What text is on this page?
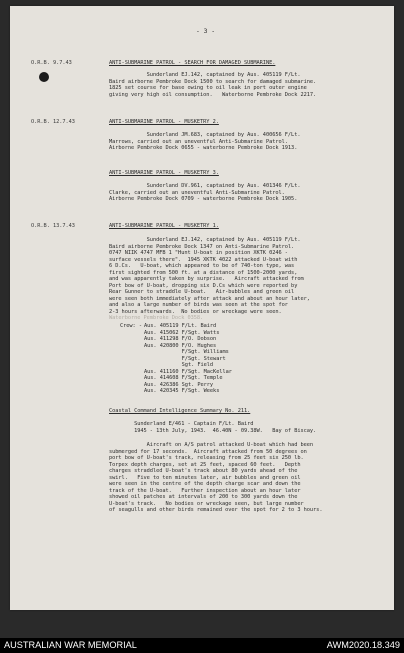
- 3 -
O.R.B. 9.7.43	ANTI-SUBMARINE PATROL - SEARCH FOR DAMAGED SUBMARINE.
Sunderland EJ.142, captained by Aus. 405119 F/Lt.
Baird airborne Pembroke Dock 1500 to search for damaged submarine.
1825 set course for base owing to oil leak in port outer engine
giving very high oil consumption.   Waterborne Pembroke Dock 2217.
O.R.B. 12.7.43	ANTI-SUBMARINE PATROL - MUSKETRY 2.
Sunderland JM.683, captained by Aus. 400656 F/Lt.
Marrows, carried out an uneventful Anti-Submarine Patrol.
Airborne Pembroke Dock 0655 - waterborne Pembroke Dock 1913.
ANTI-SUBMARINE PATROL - MUSKETRY 3.
Sunderland DV.961, captained by Aus. 401346 F/Lt.
Clarke, carried out an uneventful Anti-Submarine Patrol.
Airborne Pembroke Dock 0709 - waterborne Pembroke Dock 1905.
O.R.B. 13.7.43	ANTI-SUBMARINE PATROL - MUSKETRY 1.
Sunderland EJ.142, captained by Aus. 405119 F/Lt.
Baird airborne Pembroke Dock 1347 on Anti-Submarine Patrol.
0747 NIIK 4747 MFB 1 "Hunt U-boat in position XKTK 0246 -
surface vessels there".  1945 XKTK 4022 attacked U-boat with
6 D.Cs.   U-boat, which appeared to be of 740-ton type, was
first sighted from 500 ft. at a distance of 1500-2000 yards,
and was apparently taken by surprise.   Aircraft attacked from
Port bow of U-boat, dropping six D.Cs which were reported by
Rear Gunner to straddle U-boat.   Air-bubbles and green oil
were seen both immediately after attack and about an hour later,
and also a large number of birds was seen at the spot for
2-3 hours afterwards.  No bodies or wreckage were seen.
Waterborne Pembroke Dock 0358.
Crew: - Aus. 405119 F/Lt. Baird
Aus. 415062 F/Sgt. Watts
Aus. 411298 F/O. Dobson
Aus. 420800 F/O. Hughes
F/Sgt. Williams
F/Sgt. Stewart
Sgt. Field
Aus. 411160 F/Sgt. MacKellar
Aus. 414608 F/Sgt. Temple
Aus. 426386 Sgt. Perry
Aus. 420345 F/Sgt. Weeks
Coastal Command Intelligence Summary No. 211.
Sunderland E/461 - Captain F/Lt. Baird
1945 - 13th July, 1943.  46.40N - 09.38W.   Bay of Biscay.
Aircraft on A/S patrol attacked U-boat which had been
submerged for 17 seconds.  Aircraft attacked from 50 degrees on
port bow of U-boat's track, releasing from 25 feet six 250 lb.
Torpex depth charges, set at 25 feet, spaced 60 feet.   Depth
charges straddled U-boat's track about 80 yards ahead of the
swirl.   Five to ten minutes later, air bubbles and green oil
were seen in the centre of the depth charge scar and down the
track of the U-boat.   Further inspection about an hour later
showed oil patches at intervals of 200 to 300 yards down the
U-boat's track.   No bodies or wreckage seen, but large number
of seagulls and other birds remained over the spot for 2 to 3 hours.
AUSTRALIAN WAR MEMORIAL	AWM2020.18.349
